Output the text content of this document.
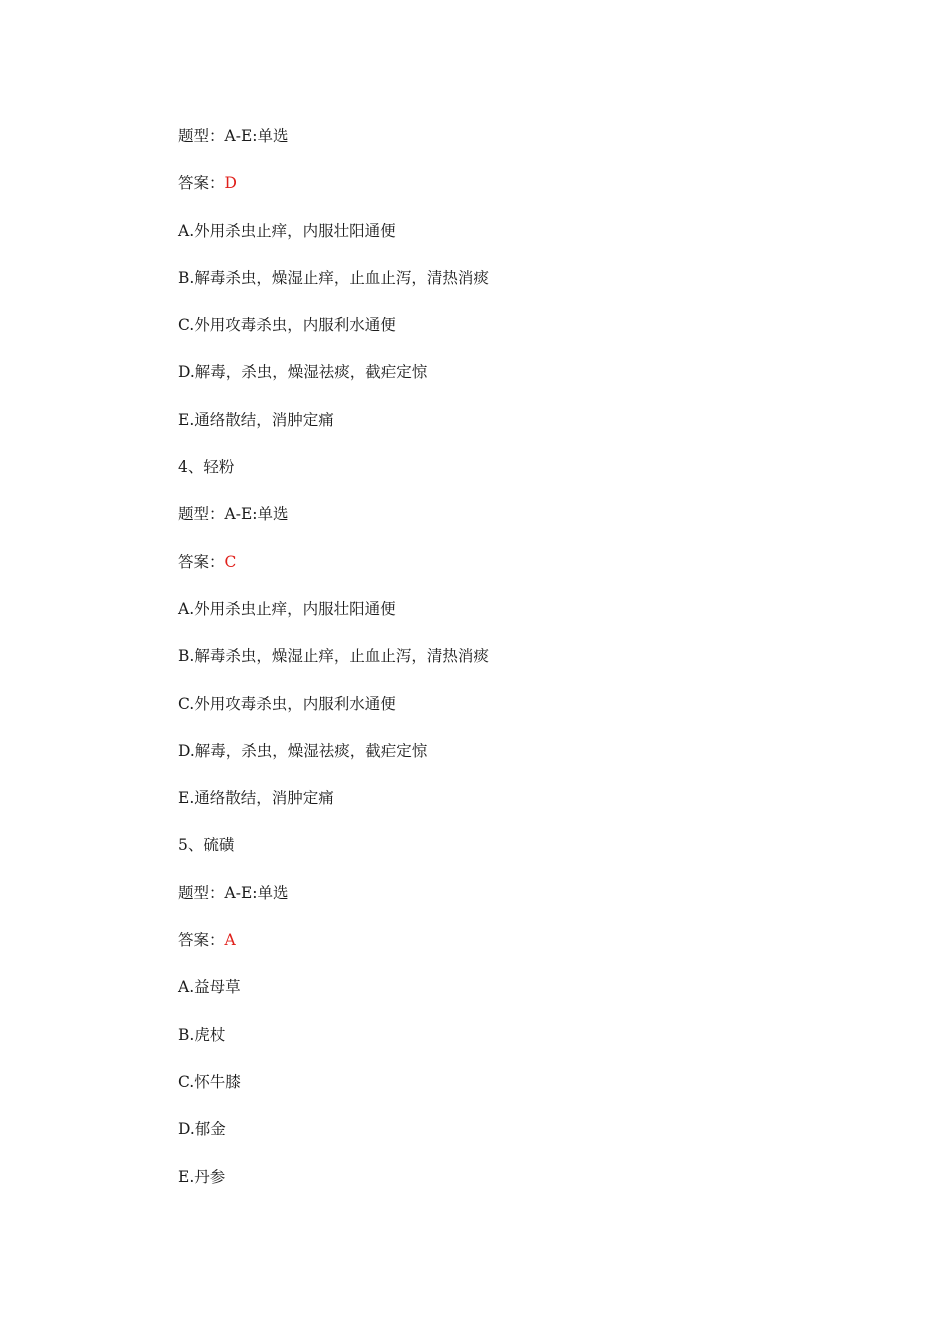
题型：A-E:单选
答案：D
A.外用杀虫止痒，内服壮阳通便
B.解毒杀虫，燥湿止痒，止血止泻，清热消痰
C.外用攻毒杀虫，内服利水通便
D.解毒，杀虫，燥湿祛痰，截疟定惊
E.通络散结，消肿定痛
4、轻粉
题型：A-E:单选
答案：C
A.外用杀虫止痒，内服壮阳通便
B.解毒杀虫，燥湿止痒，止血止泻，清热消痰
C.外用攻毒杀虫，内服利水通便
D.解毒，杀虫，燥湿祛痰，截疟定惊
E.通络散结，消肿定痛
5、硫磺
题型：A-E:单选
答案：A
A.益母草
B.虎杖
C.怀牛膝
D.郁金
E.丹参
